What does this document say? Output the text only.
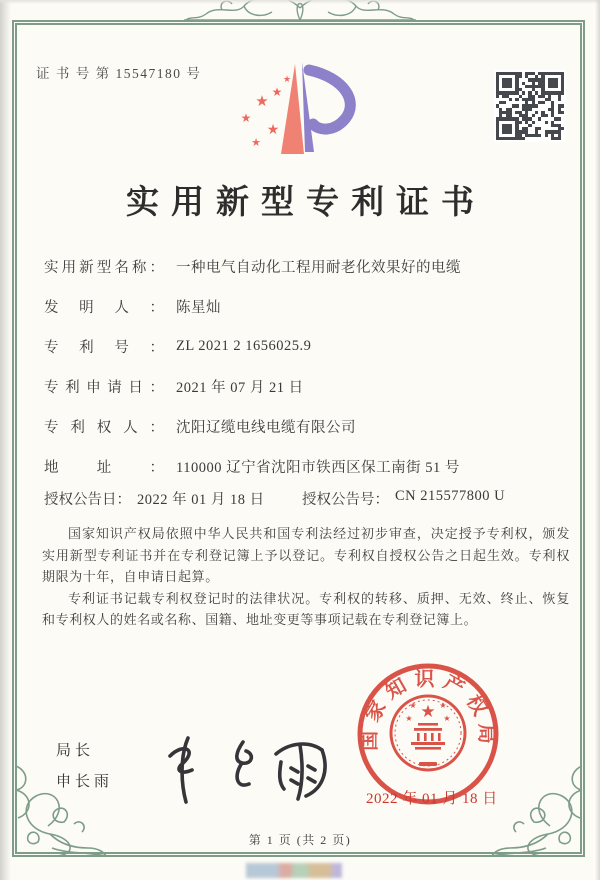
证 书 号 第 15547180 号	★
★
★
★
★
★
实用新型专利证书
实用新型名称： 一种电气自动化工程用耐老化效果好的电缆
发明人： 陈星灿
专利号： ZL 2021 2 1656025.9
专利申请日： 2021 年 07 月 21 日
专利权人： 沈阳辽缆电线电缆有限公司
地址： 110000 辽宁省沈阳市铁西区保工南街 51 号
授权公告日： 2022 年 01 月 18 日	授权公告号： CN 215577800 U

国家知识产权局依照中华人民共和国专利法经过初步审查，决定授予专利权，颁发实用新型专利证书并在专利登记簿上予以登记。专利权自授权公告之日起生效。专利权期限为十年，自申请日起算。

专利证书记载专利权登记时的法律状况。专利权的转移、质押、无效、终止、恢复和专利权人的姓名或名称、国籍、地址变更等事项记载在专利登记簿上。

局长
申长雨
国家知识产权局
★
★	★
★	★
2022 年 01 月 18 日
第 1 页 (共 2 页)
